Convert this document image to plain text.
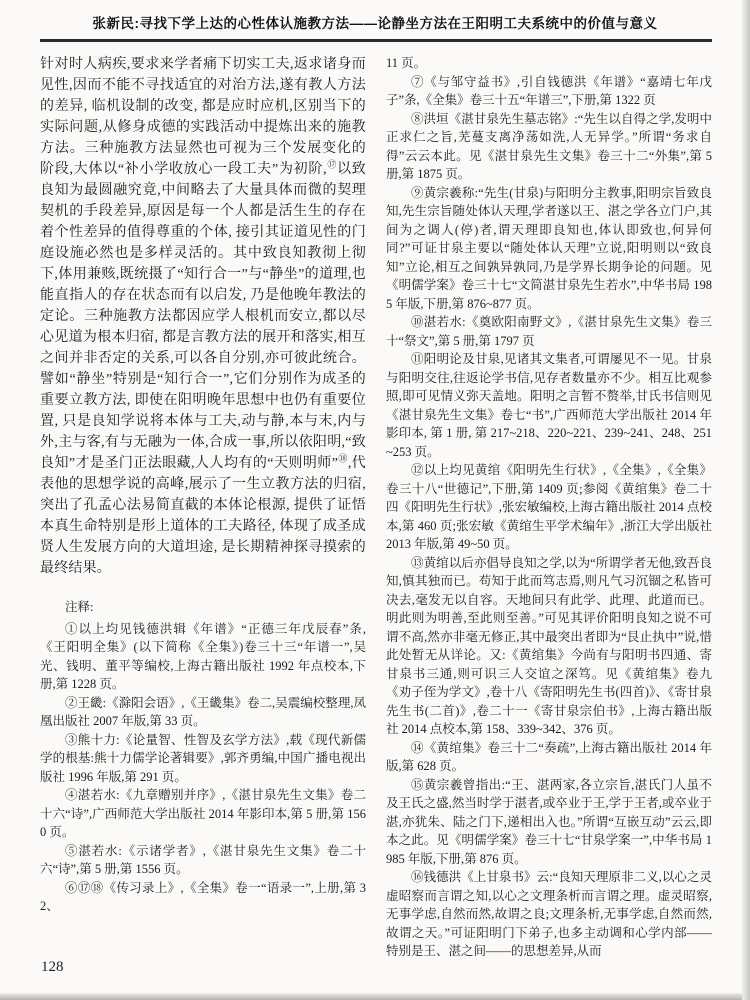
张新民:寻找下学上达的心性体认施教方法——论静坐方法在王阳明工夫系统中的价值与意义

针对时人病疾,要求来学者痛下切实工夫,返求诸身而见性,因而不能不寻找适宜的对治方法,遂有教人方法的差异, 临机设制的改变, 都是应时应机,区别当下的实际问题,从修身成德的实践活动中提炼出来的施教方法。三种施教方法显然也可视为三个发展变化的阶段,大体以“补小学收放心一段工夫”为初阶,⑰以致良知为最圆融究竟,中间略去了大量具体而微的契理契机的手段差异,原因是每一个人都是活生生的存在着个性差异的值得尊重的个体, 接引其证道见性的门庭设施必然也是多样灵活的。其中致良知教彻上彻下,体用兼赅,既统摄了“知行合一”与“静坐”的道理,也能直指人的存在状态而有以启发, 乃是他晚年教法的定论。三种施教方法都因应学人根机而安立,都以尽心见道为根本归宿, 都是言教方法的展开和落实,相互之间并非否定的关系,可以各自分别,亦可彼此统合。譬如“静坐”特别是“知行合一”,它们分别作为成圣的重要立教方法, 即使在阳明晚年思想中也仍有重要位置, 只是良知学说将本体与工夫,动与静,本与末,内与外,主与客,有与无融为一体,合成一事,所以依阳明,“致良知”才是圣门正法眼藏,人人均有的“天则明师”⑱,代表他的思想学说的高峰,展示了一生立教方法的归宿,突出了孔孟心法易简直截的本体论根源, 提供了证悟本真生命特别是形上道体的工夫路径, 体现了成圣成贤人生发展方向的大道坦途, 是长期精神探寻摸索的最终结果。

注释:

①以上均见钱德洪辑《年谱》“正德三年戊辰春”条,《王阳明全集》(以下简称《全集》)卷三十三“年谱一”,吴光、钱明、董平等编校,上海古籍出版社 1992 年点校本,下册,第 1228 页。

②王畿:《滁阳会语》,《王畿集》卷二,吴震编校整理,凤凰出版社 2007 年版,第 33 页。

③熊十力:《论量智、性智及玄学方法》,载《现代新儒学的根基:熊十力儒学论著辑要》,郭齐勇编,中国广播电视出版社 1996 年版,第 291 页。

④湛若水:《九章赠别并序》,《湛甘泉先生文集》卷二十六“诗”,广西师范大学出版社 2014 年影印本,第 5 册,第 1560 页。

⑤湛若水:《示诸学者》,《湛甘泉先生文集》卷二十六“诗”,第 5 册,第 1556 页。

⑥⑰⑱《传习录上》,《全集》卷一“语录一”,上册,第 32、

11 页。

⑦《与邹守益书》,引自钱德洪《年谱》“嘉靖七年戊子”条,《全集》卷三十五“年谱三”,下册,第 1322 页

⑧洪垣《湛甘泉先生墓志铭》:“先生以自得之学,发明中正求仁之旨,芜蔓支离净荡如洗,人无异学。”所谓“务求自得”云云本此。见《湛甘泉先生文集》卷三十二“外集”,第 5 册,第 1875 页。

⑨黄宗羲称:“先生(甘泉)与阳明分主教事,阳明宗旨致良知,先生宗旨随处体认天理,学者遂以王、湛之学各立门户,其间为之调人(停)者,谓天理即良知也,体认即致也,何异何同?”可证甘泉主要以“随处体认天理”立说,阳明则以“致良知”立论,相互之间孰异孰同,乃是学界长期争论的问题。见《明儒学案》卷三十七“文简湛甘泉先生若水”,中华书局 1985 年版,下册,第 876~877 页。

⑩湛若水:《奠欧阳南野文》,《湛甘泉先生文集》卷三十“祭文”,第 5 册,第 1797 页

⑪阳明论及甘泉,见诸其文集者,可谓屡见不一见。甘泉与阳明交往,往返论学书信,见存者数量亦不少。相互比观参照,即可见情义弥天盖地。阳明之言暂不赘举,甘氏书信则见《湛甘泉先生文集》卷七“书”,广西师范大学出版社 2014 年影印本, 第 1 册, 第 217~218、220~221、239~241、248、251~253 页。

⑫以上均见黄绾《阳明先生行状》,《全集》,《全集》卷三十八“世德记”,下册,第 1409 页;参阅《黄绾集》卷二十四《阳明先生行状》,张宏敏编校,上海古籍出版社 2014 点校本,第 460 页;张宏敏《黄绾生平学术编年》,浙江大学出版社 2013 年版,第 49~50 页。

⑬黄绾以后亦倡导良知之学,以为“所谓学者无他,致吾良知,慎其独而已。苟知于此而笃志焉,则凡气习沉锢之私皆可决去,毫发无以自容。天地间只有此学、此理、此道而已。明此则为明善,至此则至善。”可见其评价阳明良知之说不可谓不高,然亦非毫无修正,其中最突出者即为“艮止执中”说,惜此处暂无从详论。又:《黄绾集》今尚有与阳明书四通、寄甘泉书三通,则可识三人交谊之深笃。见《黄绾集》卷九《劝子侄为学文》,卷十八《寄阳明先生书(四首)》、《寄甘泉先生书(二首)》,卷二十一《寄甘泉宗伯书》,上海古籍出版社 2014 点校本,第 158、339~342、376 页。

⑭《黄绾集》卷三十二“奏疏”,上海古籍出版社 2014 年版,第 628 页。

⑮黄宗羲曾指出:“王、湛两家,各立宗旨,湛氏门人虽不及王氏之盛,然当时学于湛者,或卒业于王,学于王者,或卒业于湛,亦犹朱、陆之门下,递相出入也。”所谓“互嵌互动”云云,即本之此。见《明儒学案》卷三十七“甘泉学案一”,中华书局 1985 年版,下册,第 876 页。

⑯钱德洪《上甘泉书》云:“良知天理原非二义,以心之灵虚昭察而言谓之知,以心之文理条析而言谓之理。虚灵昭察,无事学虑,自然而然,故谓之良;文理条析,无事学虑,自然而然,故谓之天。”可证阳明门下弟子,也多主动调和心学内部——特别是王、湛之间——的思想差异,从而

128
